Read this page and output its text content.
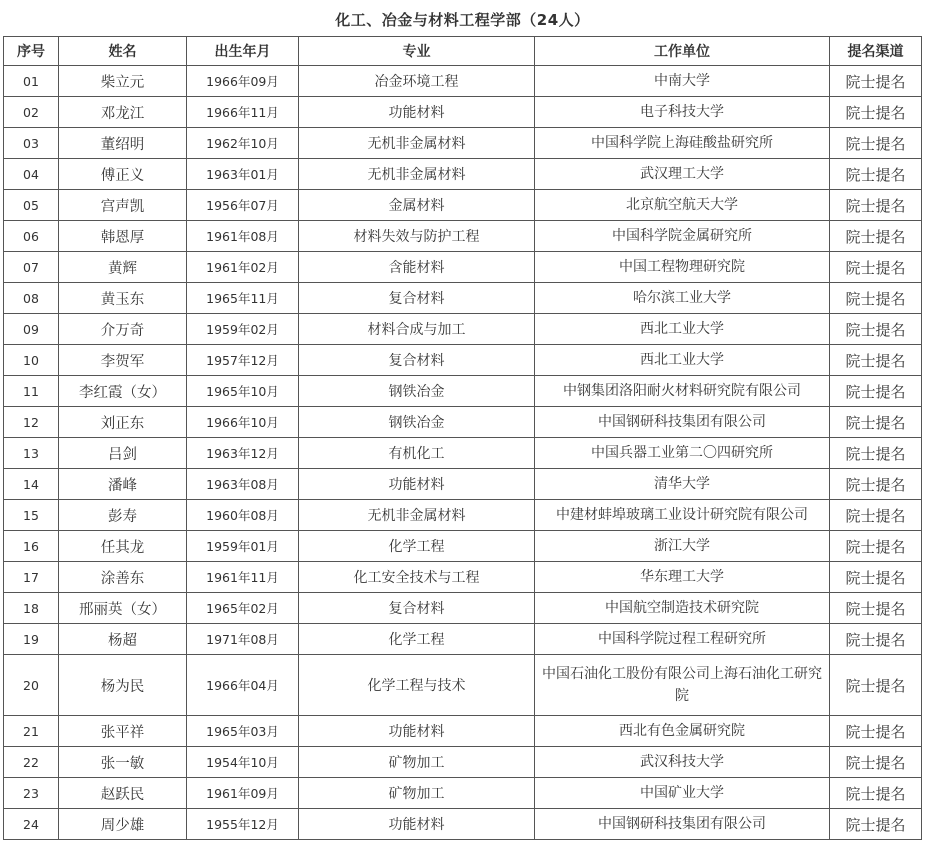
化工、冶金与材料工程学部（24人）
序号	姓名	出生年月	专业	工作单位	提名渠道
01	柴立元	1966年09月	冶金环境工程	中南大学	院士提名
02	邓龙江	1966年11月	功能材料	电子科技大学	院士提名
03	董绍明	1962年10月	无机非金属材料	中国科学院上海硅酸盐研究所	院士提名
04	傅正义	1963年01月	无机非金属材料	武汉理工大学	院士提名
05	宫声凯	1956年07月	金属材料	北京航空航天大学	院士提名
06	韩恩厚	1961年08月	材料失效与防护工程	中国科学院金属研究所	院士提名
07	黄辉	1961年02月	含能材料	中国工程物理研究院	院士提名
08	黄玉东	1965年11月	复合材料	哈尔滨工业大学	院士提名
09	介万奇	1959年02月	材料合成与加工	西北工业大学	院士提名
10	李贺军	1957年12月	复合材料	西北工业大学	院士提名
11	李红霞（女）	1965年10月	钢铁冶金	中钢集团洛阳耐火材料研究院有限公司	院士提名
12	刘正东	1966年10月	钢铁冶金	中国钢研科技集团有限公司	院士提名
13	吕剑	1963年12月	有机化工	中国兵器工业第二〇四研究所	院士提名
14	潘峰	1963年08月	功能材料	清华大学	院士提名
15	彭寿	1960年08月	无机非金属材料	中建材蚌埠玻璃工业设计研究院有限公司	院士提名
16	任其龙	1959年01月	化学工程	浙江大学	院士提名
17	涂善东	1961年11月	化工安全技术与工程	华东理工大学	院士提名
18	邢丽英（女）	1965年02月	复合材料	中国航空制造技术研究院	院士提名
19	杨超	1971年08月	化学工程	中国科学院过程工程研究所	院士提名
20	杨为民	1966年04月	化学工程与技术	中国石油化工股份有限公司上海石油化工研究院	院士提名
21	张平祥	1965年03月	功能材料	西北有色金属研究院	院士提名
22	张一敏	1954年10月	矿物加工	武汉科技大学	院士提名
23	赵跃民	1961年09月	矿物加工	中国矿业大学	院士提名
24	周少雄	1955年12月	功能材料	中国钢研科技集团有限公司	院士提名
